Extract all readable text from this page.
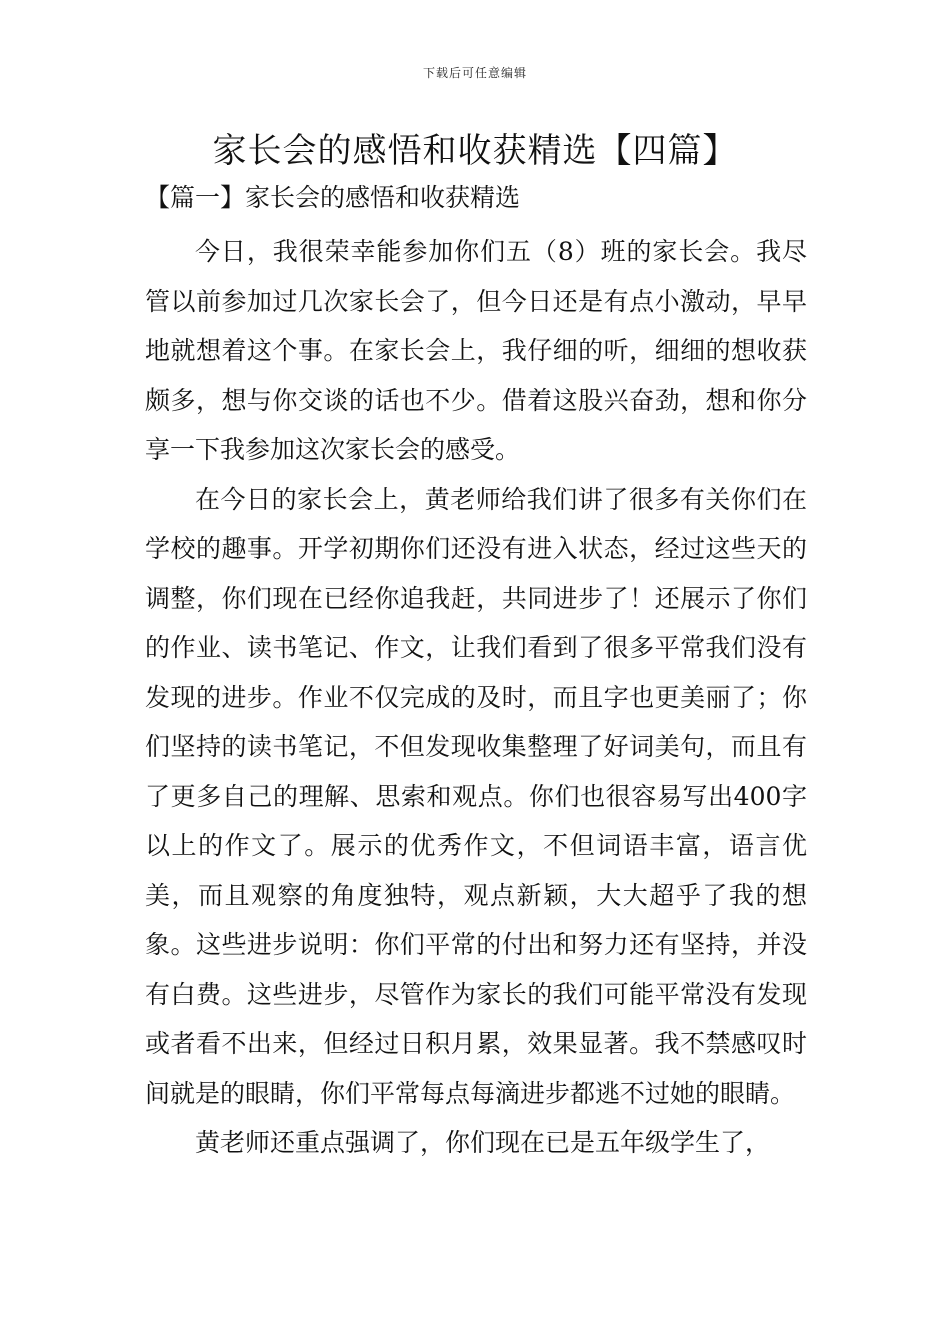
下载后可任意编辑
家长会的感悟和收获精选【四篇】
【篇一】家长会的感悟和收获精选

今日，我很荣幸能参加你们五（8）班的家长会。我尽管以前参加过几次家长会了，但今日还是有点小激动，早早地就想着这个事。在家长会上，我仔细的听，细细的想收获颇多，想与你交谈的话也不少。借着这股兴奋劲，想和你分享一下我参加这次家长会的感受。

在今日的家长会上，黄老师给我们讲了很多有关你们在学校的趣事。开学初期你们还没有进入状态，经过这些天的调整，你们现在已经你追我赶，共同进步了！还展示了你们的作业、读书笔记、作文，让我们看到了很多平常我们没有发现的进步。作业不仅完成的及时，而且字也更美丽了；你们坚持的读书笔记，不但发现收集整理了好词美句，而且有了更多自己的理解、思索和观点。你们也很容易写出400字以上的作文了。展示的优秀作文，不但词语丰富，语言优美，而且观察的角度独特，观点新颖，大大超乎了我的想象。这些进步说明：你们平常的付出和努力还有坚持，并没有白费。这些进步，尽管作为家长的我们可能平常没有发现或者看不出来，但经过日积月累，效果显著。我不禁感叹时间就是的眼睛，你们平常每点每滴进步都逃不过她的眼睛。

黄老师还重点强调了，你们现在已是五年级学生了，
